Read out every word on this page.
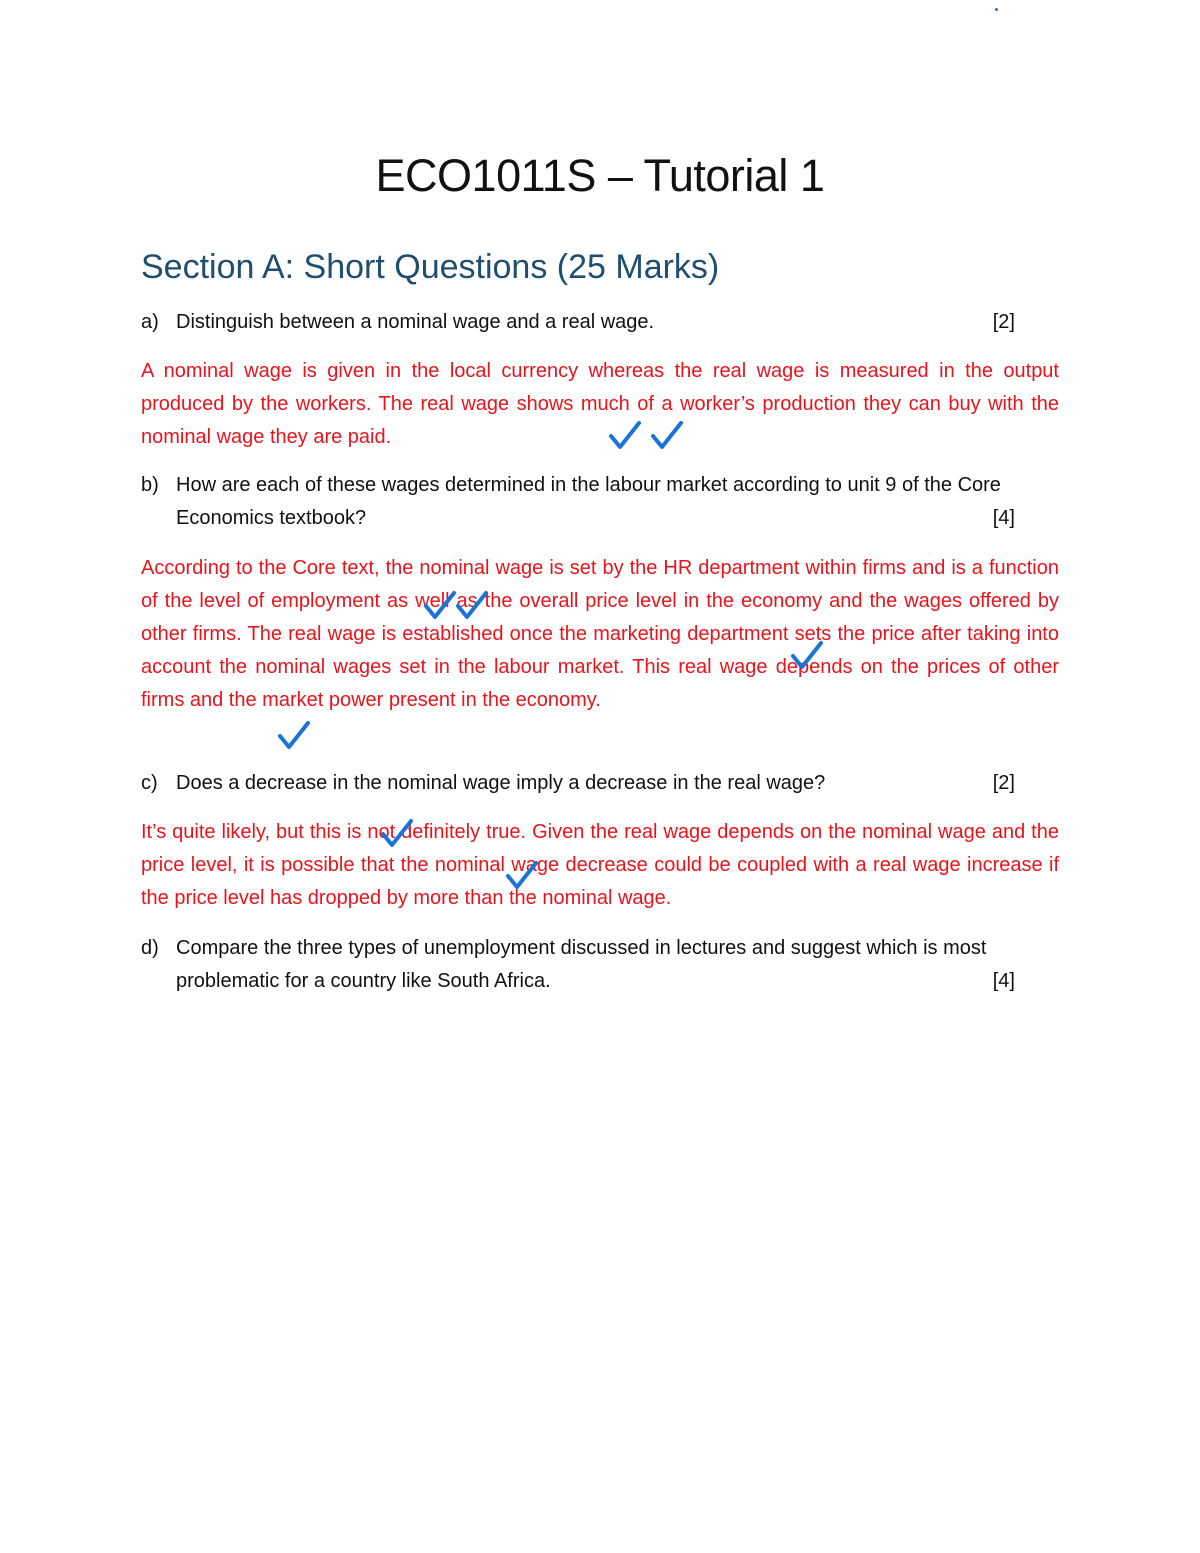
ECO1011S – Tutorial 1
Section A: Short Questions (25 Marks)
a) Distinguish between a nominal wage and a real wage.	[2]
A nominal wage is given in the local currency whereas the real wage is measured in the output produced by the workers. The real wage shows much of a worker’s production they can buy with the nominal wage they are paid.
b) How are each of these wages determined in the labour market according to unit 9 of the Core Economics textbook?	[4]
According to the Core text, the nominal wage is set by the HR department within firms and is a function of the level of employment as well as the overall price level in the economy and the wages offered by other firms. The real wage is established once the marketing department sets the price after taking into account the nominal wages set in the labour market. This real wage depends on the prices of other firms and the market power present in the economy.
c) Does a decrease in the nominal wage imply a decrease in the real wage?	[2]
It’s quite likely, but this is not definitely true. Given the real wage depends on the nominal wage and the price level, it is possible that the nominal wage decrease could be coupled with a real wage increase if the price level has dropped by more than the nominal wage.
d) Compare the three types of unemployment discussed in lectures and suggest which is most problematic for a country like South Africa.	[4]
